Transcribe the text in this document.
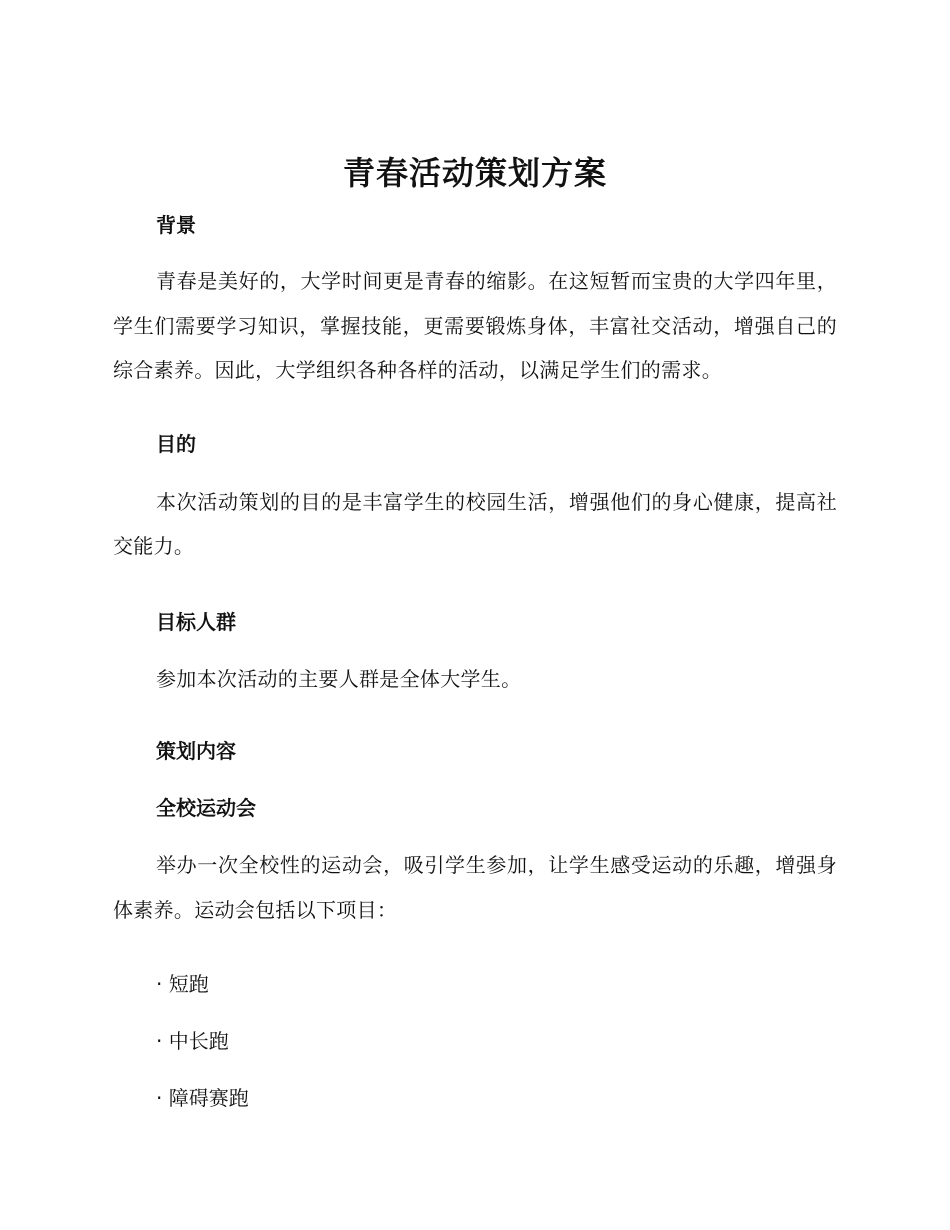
青春活动策划方案
背景

青春是美好的，大学时间更是青春的缩影。在这短暂而宝贵的大学四年里，学生们需要学习知识，掌握技能，更需要锻炼身体，丰富社交活动，增强自己的综合素养。因此，大学组织各种各样的活动，以满足学生们的需求。

目的

本次活动策划的目的是丰富学生的校园生活，增强他们的身心健康，提高社交能力。

目标人群

参加本次活动的主要人群是全体大学生。

策划内容
全校运动会

举办一次全校性的运动会，吸引学生参加，让学生感受运动的乐趣，增强身体素养。运动会包括以下项目：

· 短跑

· 中长跑

· 障碍赛跑
